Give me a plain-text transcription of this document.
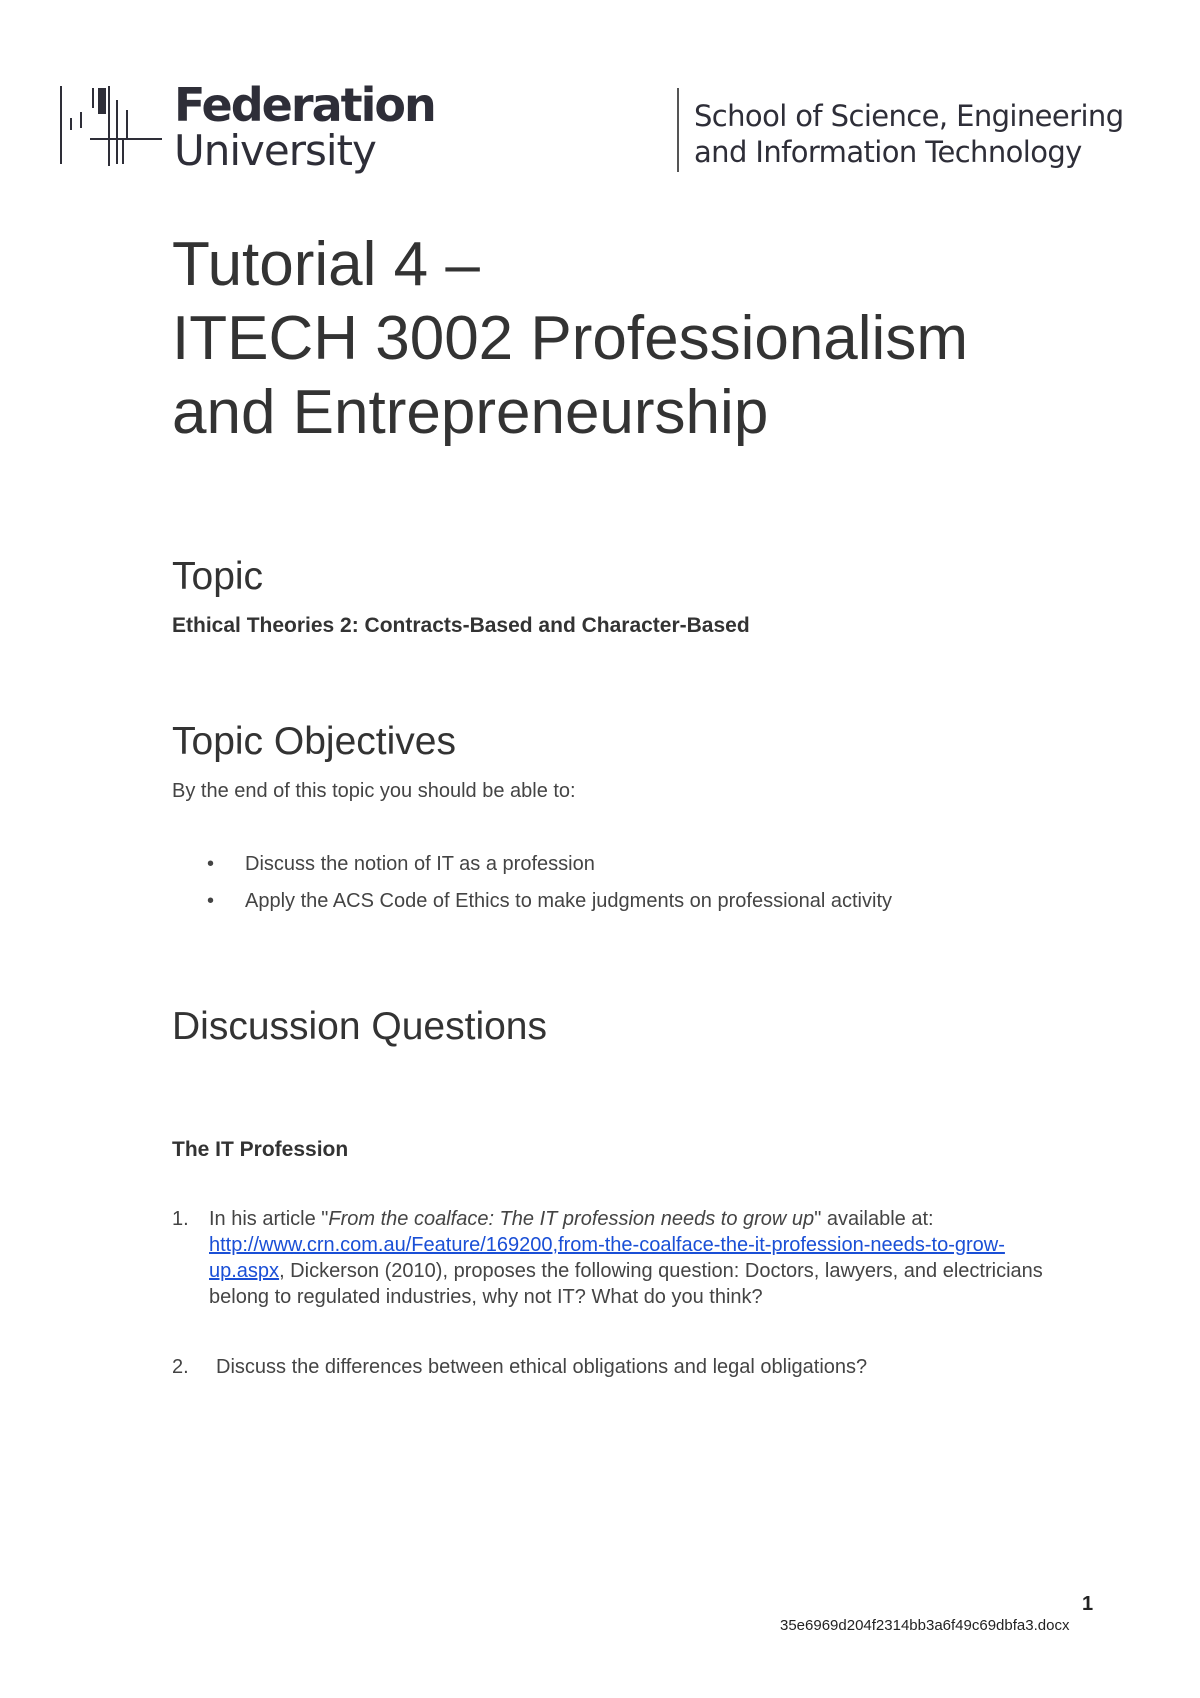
Federation
University
School of Science, Engineering
and Information Technology
Tutorial 4 –
ITECH 3002 Professionalism
and Entrepreneurship
Topic
Ethical Theories 2: Contracts-Based and Character-Based
Topic Objectives
By the end of this topic you should be able to:
• Discuss the notion of IT as a profession
• Apply the ACS Code of Ethics to make judgments on professional activity
Discussion Questions
The IT Profession
1. In his article "From the coalface: The IT profession needs to grow up" available at:
http://www.crn.com.au/Feature/169200,from-the-coalface-the-it-profession-needs-to-grow-up.aspx, Dickerson (2010), proposes the following question: Doctors, lawyers, and electricians belong to regulated industries, why not IT? What do you think?
2. Discuss the differences between ethical obligations and legal obligations?
1
35e6969d204f2314bb3a6f49c69dbfa3.docx
